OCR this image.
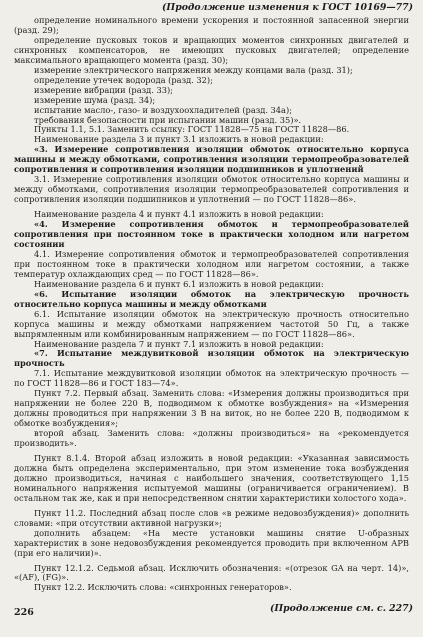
(Продолжение изменения к ГОСТ 10169—77)

определение номинального времени ускорения и постоянной запасенной энергии (разд. 29);

определение пусковых токов и вращающих моментов синхронных двигателей и синхронных компенсаторов, не имеющих пусковых двигателей; определение максимального вращающего момента (разд. 30);

измерение электрического напряжения между концами вала (разд. 31);

определение утечек водорода (разд. 32);

измерение вибрации (разд. 33);

измерение шума (разд. 34);

испытание масло-, газо- и воздухоохладителей (разд. 34а);

требования безопасности при испытании машин (разд. 35)».

Пункты 1.1, 5.1. Заменить ссылку: ГОСТ 11828—75 на ГОСТ 11828—86.

Наименование раздела 3 и пункт 3.1 изложить в новой редакции:

«3. Измерение сопротивления изоляции обмоток относительно корпуса машины и между обмотками, сопротивления изоляции термопреобразователей сопротивления и сопротивления изоляции подшипников и уплотнений

3.1. Измерение сопротивления изоляции обмоток относительно корпуса машины и между обмотками, сопротивления изоляции термопреобразователей сопротивления и сопротивления изоляции подшипников и уплотнений — по ГОСТ 11828—86».

Наименование раздела 4 и пункт 4.1 изложить в новой редакции:

«4. Измерение сопротивления обмоток и термопреобразователей сопротивления при постоянном токе в практически холодном или нагретом состоянии

4.1. Измерение сопротивления обмоток и термопреобразователей сопротивления при постоянном токе в практически холодном или нагретом состоянии, а также температур охлаждающих сред — по ГОСТ 11828—86».

Наименование раздела 6 и пункт 6.1 изложить в новой редакции:

«6. Испытание изоляции обмоток на электрическую прочность относительно корпуса машины и между обмотками

6.1. Испытание изоляции обмоток на электрическую прочность относительно корпуса машины и между обмотками напряжением частотой 50 Гц, а также выпрямленным или комбинированным напряжением — по ГОСТ 11828—86».

Наименование раздела 7 и пункт 7.1 изложить в новой редакции:

«7. Испытание междувитковой изоляции обмоток на электрическую прочность

7.1. Испытание междувитковой изоляции обмоток на электрическую прочность — по ГОСТ 11828—86 и ГОСТ 183—74».

Пункт 7.2. Первый абзац. Заменить слова: «Измерения должны производиться при напряжении не более 220 В, подводимом к обмотке возбуждения» на «Измерения должны проводиться при напряжении 3 В на виток, но не более 220 В, подводимом к обмотке возбуждения»;

второй абзац. Заменить слова: «должны производиться» на «рекомендуется производить».

Пункт 8.1.4. Второй абзац изложить в новой редакции: «Указанная зависимость должна быть определена экспериментально, при этом изменение тока возбуждения должно производиться, начиная с наибольшего значения, соответствующего 1,15 номинального напряжения испытуемой машины (ограничивается ограничением). В остальном так же, как и при непосредственном снятии характеристики холостого хода».

Пункт 11.2. Последний абзац после слов «в режиме недовозбуждения)» дополнить словами: «при отсутствии активной нагрузки»;

дополнить абзацем: «На месте установки машины снятие U-образных характеристик в зоне недовозбуждения рекомендуется проводить при включенном АРВ (при его наличии)».

Пункт 12.1.2. Седьмой абзац. Исключить обозначения: «(отрезок GA на черт. 14)», «(AF), (FG)».

Пункт 12.2. Исключить слова: «синхронных генераторов».

(Продолжение см. с. 227)
226
